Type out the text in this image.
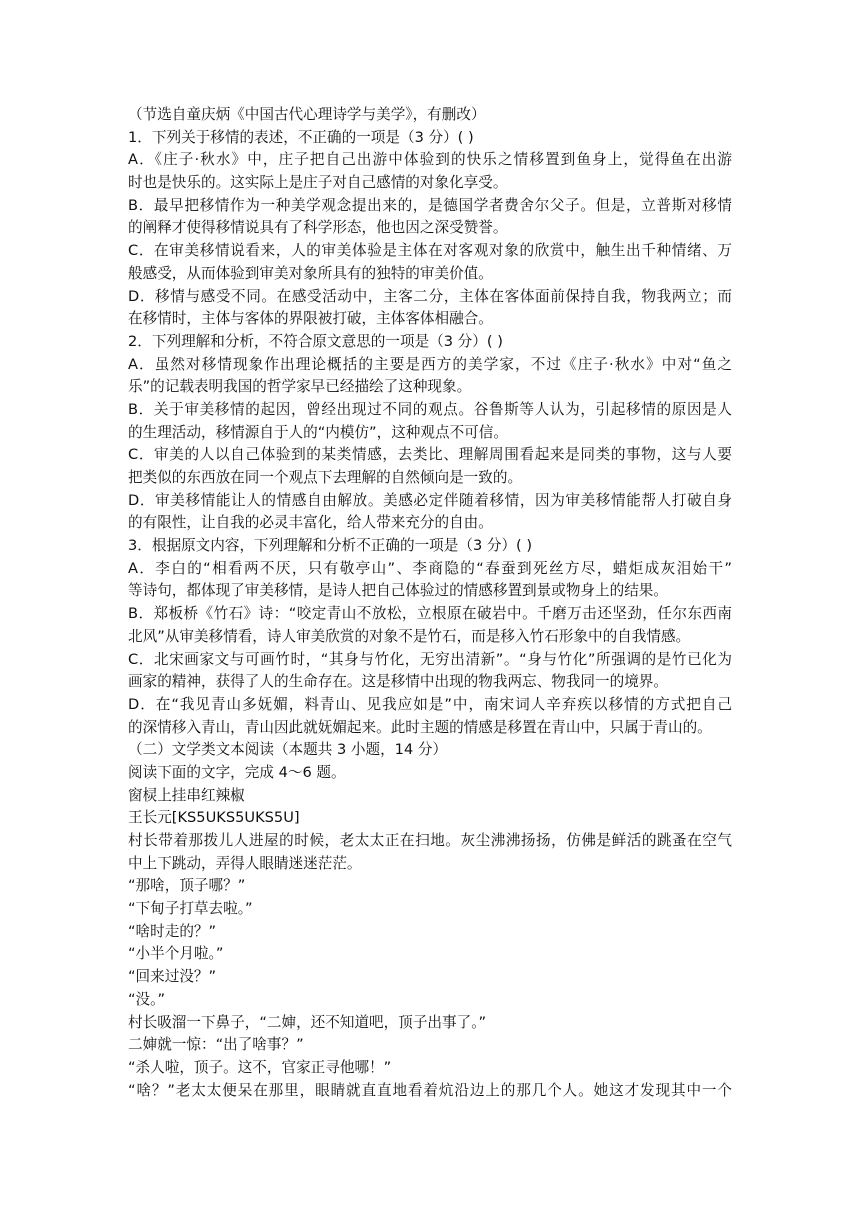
（节选自童庆炳《中国古代心理诗学与美学》，有删改）
1．下列关于移情的表述，不正确的一项是（3 分）( )
A．《庄子·秋水》中，庄子把自己出游中体验到的快乐之情移置到鱼身上，觉得鱼在出游
时也是快乐的。这实际上是庄子对自己感情的对象化享受。
B．最早把移情作为一种美学观念提出来的，是德国学者费舍尔父子。但是，立普斯对移情
的阐释才使得移情说具有了科学形态，他也因之深受赞誉。
C．在审美移情说看来，人的审美体验是主体在对客观对象的欣赏中，触生出千种情绪、万
般感受，从而体验到审美对象所具有的独特的审美价值。
D．移情与感受不同。在感受活动中，主客二分，主体在客体面前保持自我，物我两立；而
在移情时，主体与客体的界限被打破，主体客体相融合。
2．下列理解和分析，不符合原文意思的一项是（3 分）( )
A．虽然对移情现象作出理论概括的主要是西方的美学家，不过《庄子·秋水》中对“鱼之
乐”的记载表明我国的哲学家早已经描绘了这种现象。
B．关于审美移情的起因，曾经出现过不同的观点。谷鲁斯等人认为，引起移情的原因是人
的生理活动，移情源自于人的“内模仿”，这种观点不可信。
C．审美的人以自己体验到的某类情感，去类比、理解周围看起来是同类的事物，这与人要
把类似的东西放在同一个观点下去理解的自然倾向是一致的。
D．审美移情能让人的情感自由解放。美感必定伴随着移情，因为审美移情能帮人打破自身
的有限性，让自我的必灵丰富化，给人带来充分的自由。
3．根据原文内容，下列理解和分析不正确的一项是（3 分）( )
A．李白的“相看两不厌，只有敬亭山”、李商隐的“春蚕到死丝方尽，蜡炬成灰泪始干”
等诗句，都体现了审美移情，是诗人把自己体验过的情感移置到景或物身上的结果。
B．郑板桥《竹石》诗：“咬定青山不放松，立根原在破岩中。千磨万击还坚劲，任尔东西南
北风”从审美移情看，诗人审美欣赏的对象不是竹石，而是移入竹石形象中的自我情感。
C．北宋画家文与可画竹时，“其身与竹化，无穷出清新”。“身与竹化”所强调的是竹已化为
画家的精神，获得了人的生命存在。这是移情中出现的物我两忘、物我同一的境界。
D．在“我见青山多妩媚，料青山、见我应如是”中，南宋词人辛弃疾以移情的方式把自己
的深情移入青山，青山因此就妩媚起来。此时主题的情感是移置在青山中，只属于青山的。
（二）文学类文本阅读（本题共 3 小题，14 分）
阅读下面的文字，完成 4～6 题。
窗棂上挂串红辣椒
王长元[KS5UKS5UKS5U]
村长带着那拨儿人进屋的时候，老太太正在扫地。灰尘沸沸扬扬，仿佛是鲜活的跳蚤在空气
中上下跳动，弄得人眼睛迷迷茫茫。
“那啥，顶子哪？”
“下甸子打草去啦。”
“啥时走的？”
“小半个月啦。”
“回来过没？”
“没。”
村长吸溜一下鼻子，“二婶，还不知道吧，顶子出事了。”
二婶就一惊：“出了啥事？”
“杀人啦，顶子。这不，官家正寻他哪！”
“啥？”老太太便呆在那里，眼睛就直直地看着炕沿边上的那几个人。她这才发现其中一个
